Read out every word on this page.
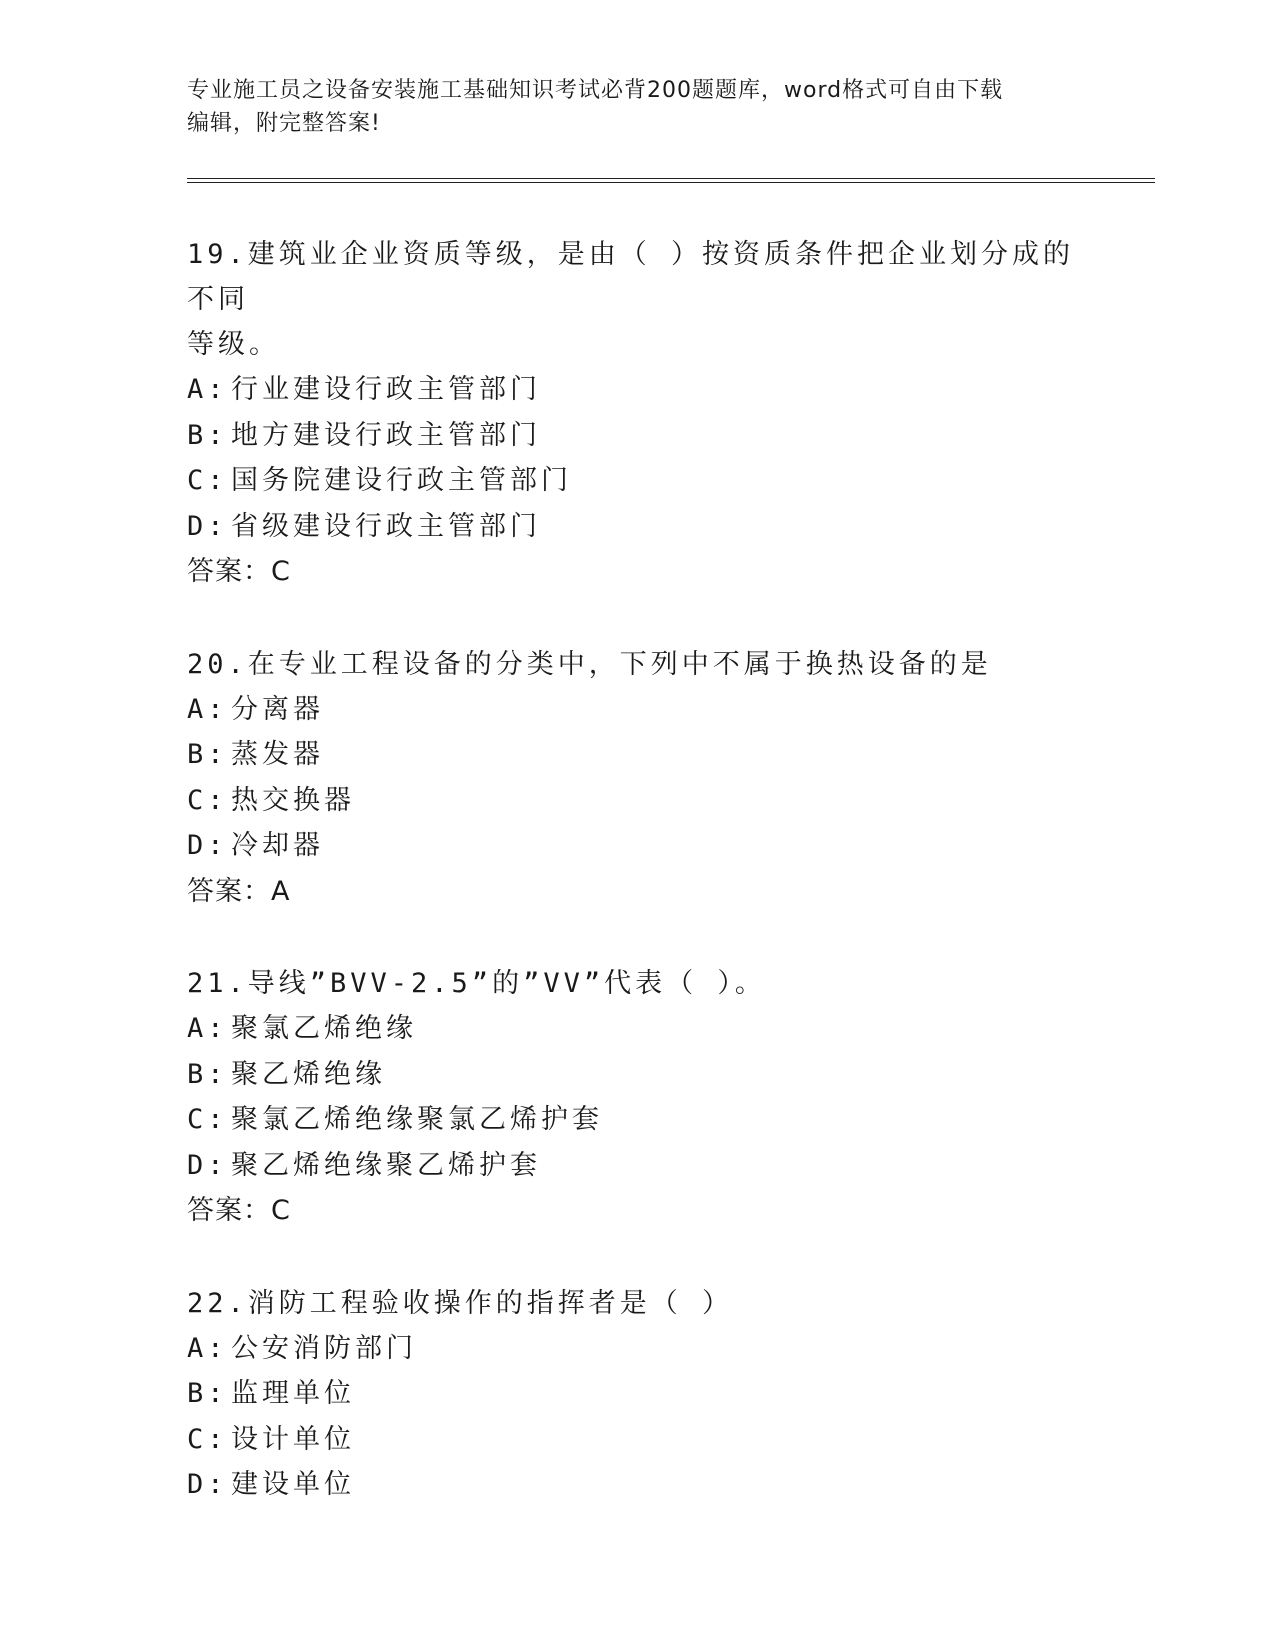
专业施工员之设备安装施工基础知识考试必背200题题库，word格式可自由下载
编辑，附完整答案!

19.建筑业企业资质等级，是由（ ）按资质条件把企业划分成的不同
等级。

A: 行业建设行政主管部门

B: 地方建设行政主管部门

C: 国务院建设行政主管部门

D: 省级建设行政主管部门

答案：C

20.在专业工程设备的分类中，下列中不属于换热设备的是

A: 分离器

B: 蒸发器

C: 热交换器

D: 冷却器

答案：A

21.导线”BVV-2.5”的”VV”代表（ ）。

A: 聚氯乙烯绝缘

B: 聚乙烯绝缘

C: 聚氯乙烯绝缘聚氯乙烯护套

D: 聚乙烯绝缘聚乙烯护套

答案：C

22.消防工程验收操作的指挥者是（ ）

A: 公安消防部门

B: 监理单位

C: 设计单位

D: 建设单位
